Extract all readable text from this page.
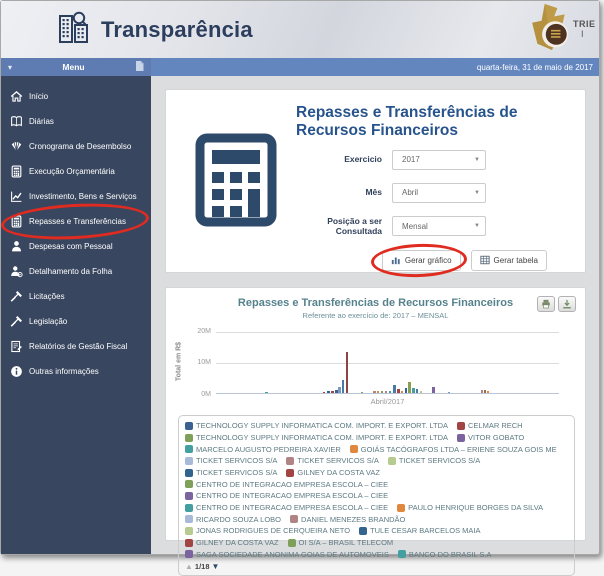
Transparência	TRIE I
▾	Menu	quarta-feira, 31 de maio de 2017
Início
Diárias
Cronograma de Desembolso
Execução Orçamentária
Investimento, Bens e Serviços
Repasses e Transferências
Despesas com Pessoal
Detalhamento da Folha
Licitações
Legislação
Relatórios de Gestão Fiscal
Outras informações
Repasses e Transferências de Recursos Financeiros
Exercicio	2017	▼
Mês	Abril	▼
Posição a ser Consultada	Mensal	▼
Gerar gráfico	Gerar tabela
Repasses e Transferências de Recursos Financeiros
Referente ao exercício de: 2017 – MENSAL
Total em R$
20M
10M
0M
Abril/2017
TECHNOLOGY SUPPLY INFORMATICA COM. IMPORT. E EXPORT. LTDA	CELMAR RECH
TECHNOLOGY SUPPLY INFORMATICA COM. IMPORT. E EXPORT. LTDA	VITOR GOBATO
MARCELO AUGUSTO PEDREIRA XAVIER	GOIÁS TACÓGRAFOS LTDA – ERIENE SOUZA GOIS ME
TICKET SERVICOS S/A	TICKET SERVICOS S/A	TICKET SERVICOS S/A
TICKET SERVICOS S/A	GILNEY DA COSTA VAZ
CENTRO DE INTEGRACAO EMPRESA ESCOLA – CIEE
CENTRO DE INTEGRACAO EMPRESA ESCOLA – CIEE
CENTRO DE INTEGRACAO EMPRESA ESCOLA – CIEE	PAULO HENRIQUE BORGES DA SILVA
RICARDO SOUZA LOBO	DANIEL MENEZES BRANDÃO
JONAS RODRIGUES DE CERQUEIRA NETO	TULE CESAR BARCELOS MAIA
GILNEY DA COSTA VAZ	OI S/A – BRASIL TELECOM
SAGA SOCIEDADE ANONIMA GOIAS DE AUTOMOVEIS	BANCO DO BRASIL S.A
▲ 1/18 ▼
